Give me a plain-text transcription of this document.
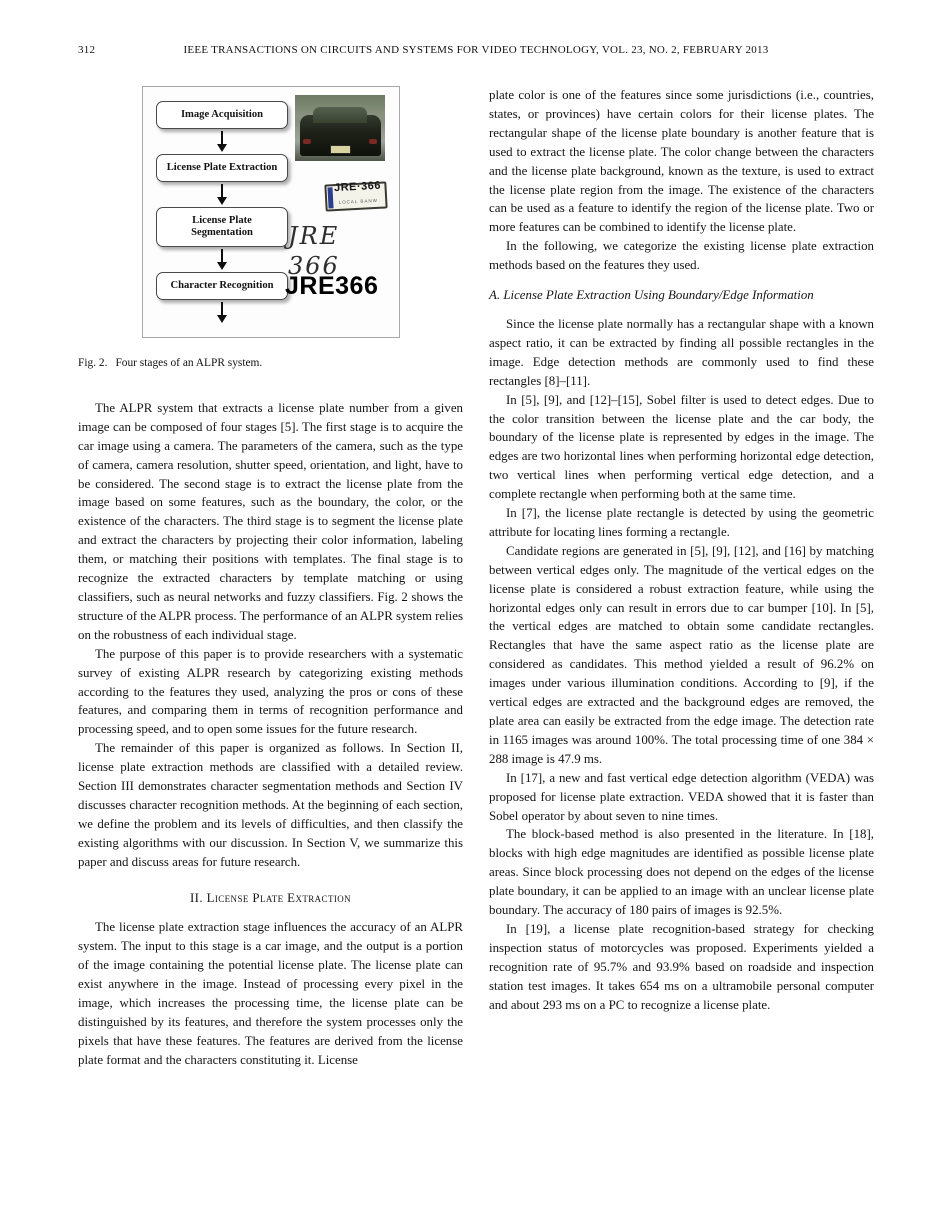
312	IEEE TRANSACTIONS ON CIRCUITS AND SYSTEMS FOR VIDEO TECHNOLOGY, VOL. 23, NO. 2, FEBRUARY 2013
Image Acquisition
License Plate Extraction
License Plate Segmentation
Character Recognition
JRE·366
LOCAL BANW
JRE 366
JRE366
Fig. 2. Four stages of an ALPR system.

The ALPR system that extracts a license plate number from a given image can be composed of four stages [5]. The first stage is to acquire the car image using a camera. The parameters of the camera, such as the type of camera, camera resolution, shutter speed, orientation, and light, have to be considered. The second stage is to extract the license plate from the image based on some features, such as the boundary, the color, or the existence of the characters. The third stage is to segment the license plate and extract the characters by projecting their color information, labeling them, or matching their positions with templates. The final stage is to recognize the extracted characters by template matching or using classifiers, such as neural networks and fuzzy classifiers. Fig. 2 shows the structure of the ALPR process. The performance of an ALPR system relies on the robustness of each individual stage.

The purpose of this paper is to provide researchers with a systematic survey of existing ALPR research by categorizing existing methods according to the features they used, analyzing the pros or cons of these features, and comparing them in terms of recognition performance and processing speed, and to open some issues for the future research.

The remainder of this paper is organized as follows. In Section II, license plate extraction methods are classified with a detailed review. Section III demonstrates character segmentation methods and Section IV discusses character recognition methods. At the beginning of each section, we define the problem and its levels of difficulties, and then classify the existing algorithms with our discussion. In Section V, we summarize this paper and discuss areas for future research.

II. License Plate Extraction

The license plate extraction stage influences the accuracy of an ALPR system. The input to this stage is a car image, and the output is a portion of the image containing the potential license plate. The license plate can exist anywhere in the image. Instead of processing every pixel in the image, which increases the processing time, the license plate can be distinguished by its features, and therefore the system processes only the pixels that have these features. The features are derived from the license plate format and the characters constituting it. License

plate color is one of the features since some jurisdictions (i.e., countries, states, or provinces) have certain colors for their license plates. The rectangular shape of the license plate boundary is another feature that is used to extract the license plate. The color change between the characters and the license plate background, known as the texture, is used to extract the license plate region from the image. The existence of the characters can be used as a feature to identify the region of the license plate. Two or more features can be combined to identify the license plate.

In the following, we categorize the existing license plate extraction methods based on the features they used.

A. License Plate Extraction Using Boundary/Edge Information

Since the license plate normally has a rectangular shape with a known aspect ratio, it can be extracted by finding all possible rectangles in the image. Edge detection methods are commonly used to find these rectangles [8]–[11].

In [5], [9], and [12]–[15], Sobel filter is used to detect edges. Due to the color transition between the license plate and the car body, the boundary of the license plate is represented by edges in the image. The edges are two horizontal lines when performing horizontal edge detection, two vertical lines when performing vertical edge detection, and a complete rectangle when performing both at the same time.

In [7], the license plate rectangle is detected by using the geometric attribute for locating lines forming a rectangle.

Candidate regions are generated in [5], [9], [12], and [16] by matching between vertical edges only. The magnitude of the vertical edges on the license plate is considered a robust extraction feature, while using the horizontal edges only can result in errors due to car bumper [10]. In [5], the vertical edges are matched to obtain some candidate rectangles. Rectangles that have the same aspect ratio as the license plate are considered as candidates. This method yielded a result of 96.2% on images under various illumination conditions. According to [9], if the vertical edges are extracted and the background edges are removed, the plate area can easily be extracted from the edge image. The detection rate in 1165 images was around 100%. The total processing time of one 384 × 288 image is 47.9 ms.

In [17], a new and fast vertical edge detection algorithm (VEDA) was proposed for license plate extraction. VEDA showed that it is faster than Sobel operator by about seven to nine times.

The block-based method is also presented in the literature. In [18], blocks with high edge magnitudes are identified as possible license plate areas. Since block processing does not depend on the edges of the license plate boundary, it can be applied to an image with an unclear license plate boundary. The accuracy of 180 pairs of images is 92.5%.

In [19], a license plate recognition-based strategy for checking inspection status of motorcycles was proposed. Experiments yielded a recognition rate of 95.7% and 93.9% based on roadside and inspection station test images. It takes 654 ms on a ultramobile personal computer and about 293 ms on a PC to recognize a license plate.
